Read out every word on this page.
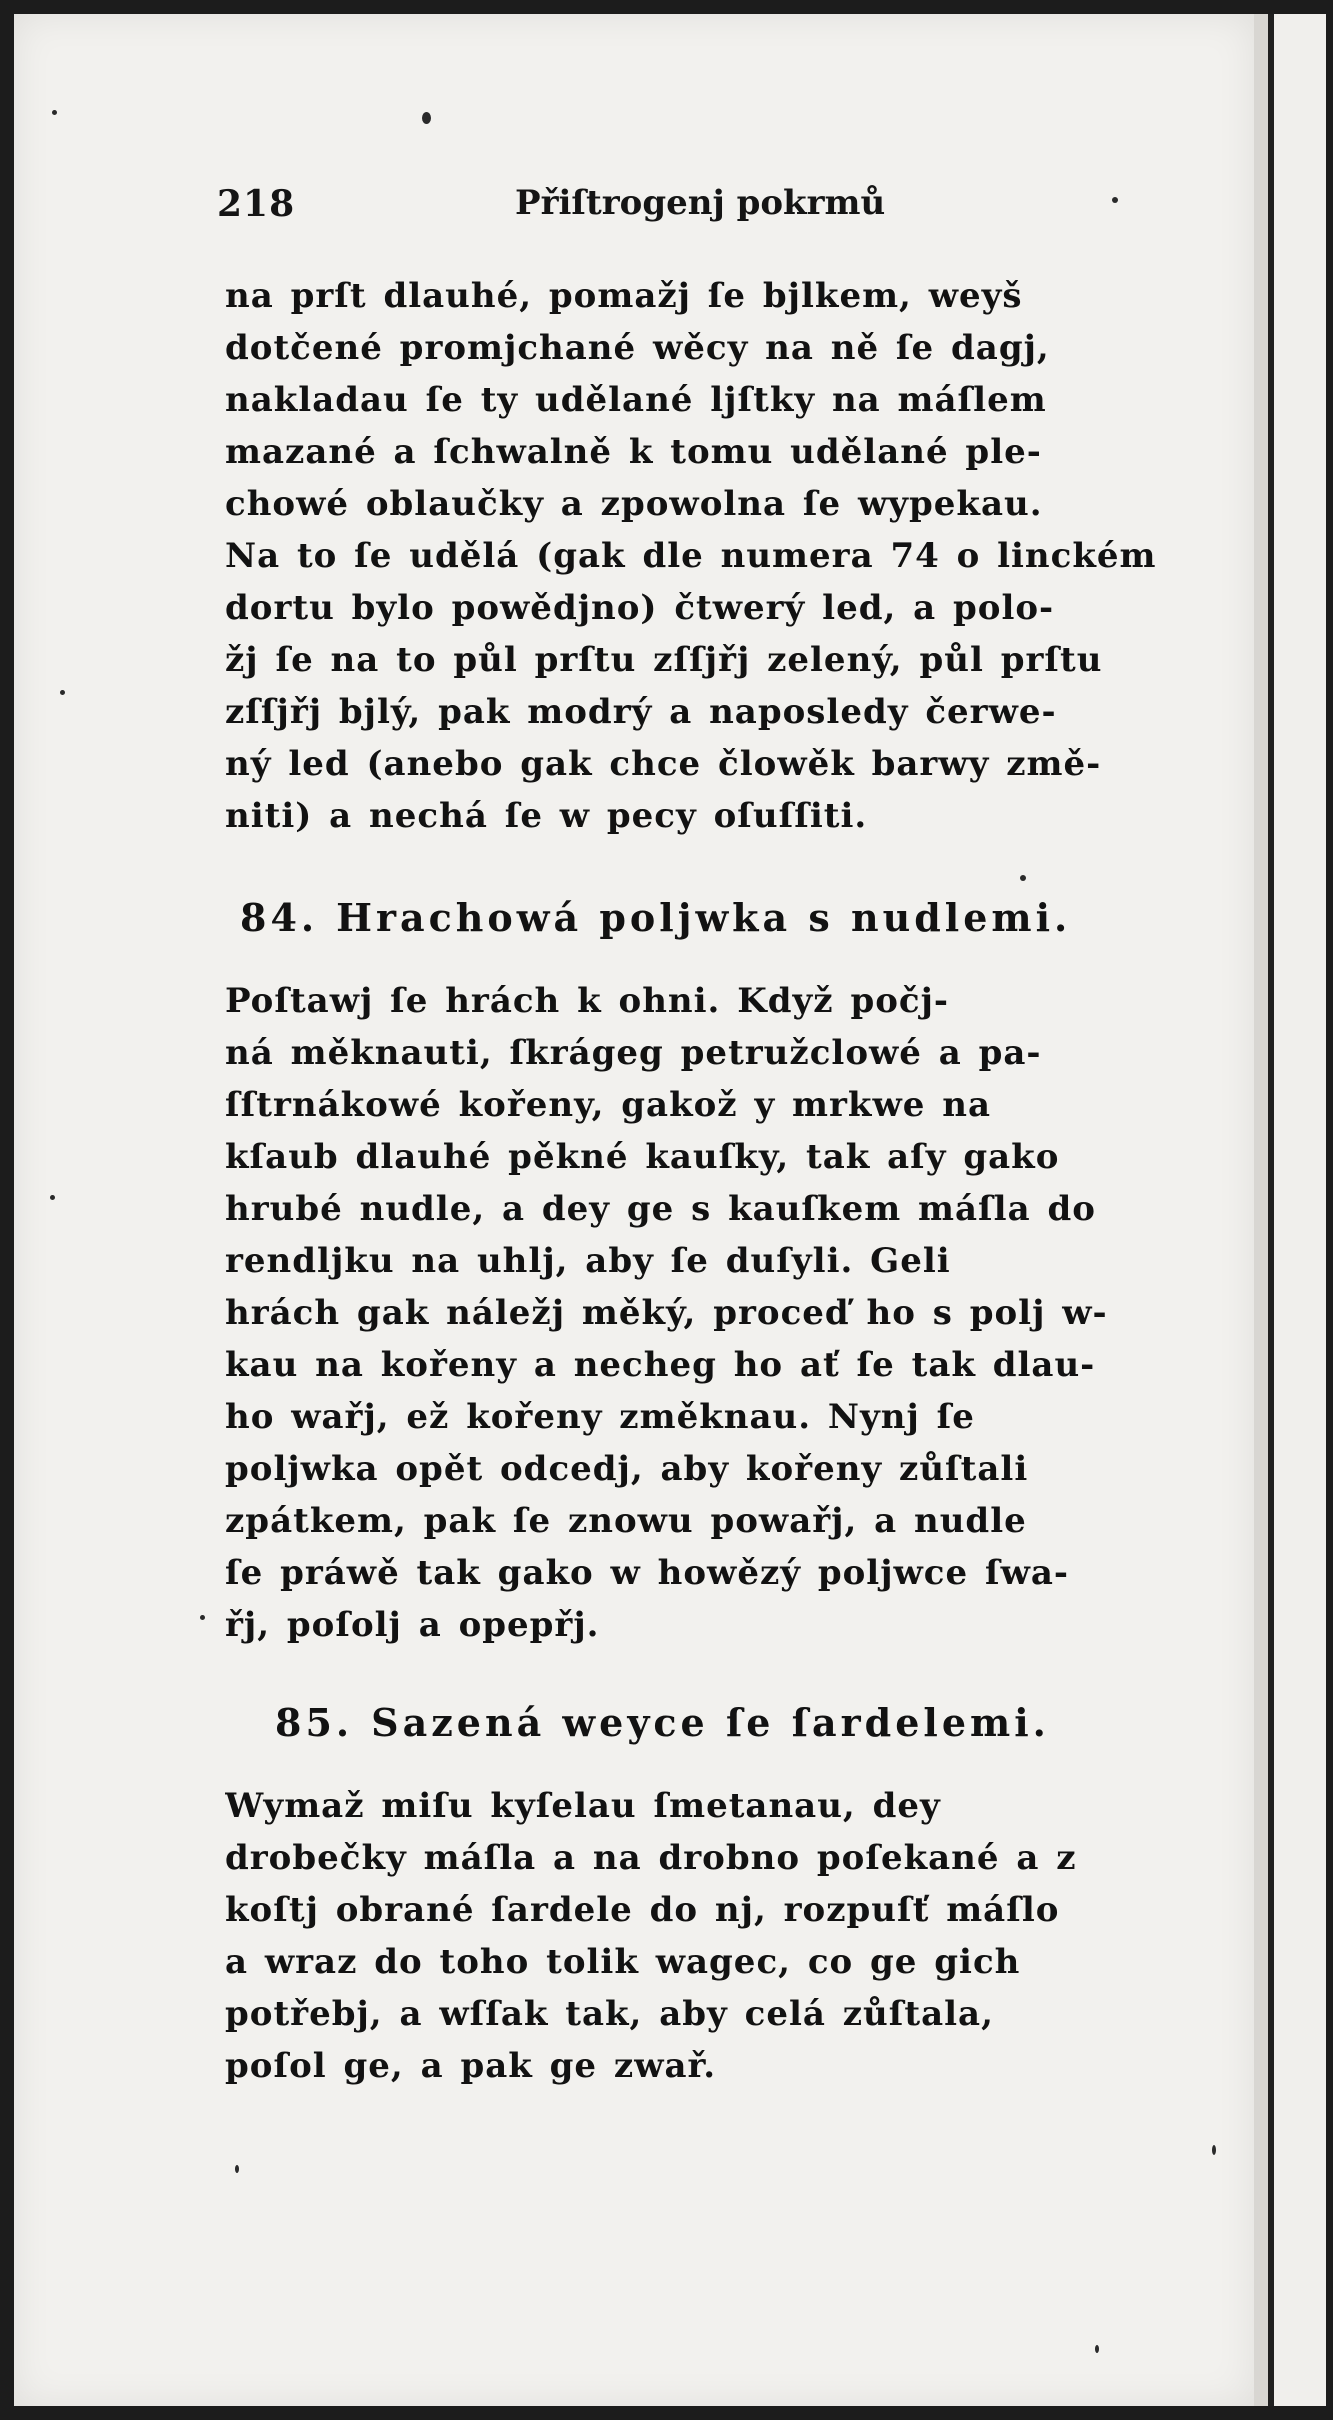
218	Přiſtrogenj pokrmů
na prſt dlauhé, pomažj ſe bjlkem, weyš
dotčené promjchané wěcy na ně ſe dagj,
nakladau ſe ty udělané ljſtky na máſlem
mazané a ſchwalně k tomu udělané ple-
chowé oblaučky a zpowolna ſe wypekau.
Na to ſe udělá (gak dle numera 74 o linckém
dortu bylo powědjno) čtwerý led, a polo-
žj ſe na to půl prſtu zſſjřj zelený, půl prſtu
zſſjřj bjlý, pak modrý a naposledy čerwe-
ný led (anebo gak chce člowěk barwy změ-
niti) a nechá ſe w pecy oſuſſiti.
84. Hrachowá poljwka s nudlemi.
Poſtawj ſe hrách k ohni. Když počj-
ná měknauti, ſkrágeg petružclowé a pa-
ſſtrnákowé kořeny, gakož y mrkwe na
kſaub dlauhé pěkné kauſky, tak aſy gako
hrubé nudle, a dey ge s kauſkem máſla do
rendljku na uhlj, aby ſe duſyli. Geli
hrách gak náležj měký, proceď ho s polj w-
kau na kořeny a necheg ho ať ſe tak dlau-
ho wařj, ež kořeny změknau. Nynj ſe
poljwka opět odcedj, aby kořeny zůſtali
zpátkem, pak ſe znowu powařj, a nudle
ſe práwě tak gako w howězý poljwce ſwa-
řj, poſolj a opepřj.
85. Sazená weyce ſe ſardelemi.
Wymaž miſu kyſelau ſmetanau, dey
drobečky máſla a na drobno poſekané a z
koſtj obrané ſardele do nj, rozpuſť máſlo
a wraz do toho tolik wagec, co ge gich
potřebj, a wſſak tak, aby celá zůſtala,
poſol ge, a pak ge zwař.
